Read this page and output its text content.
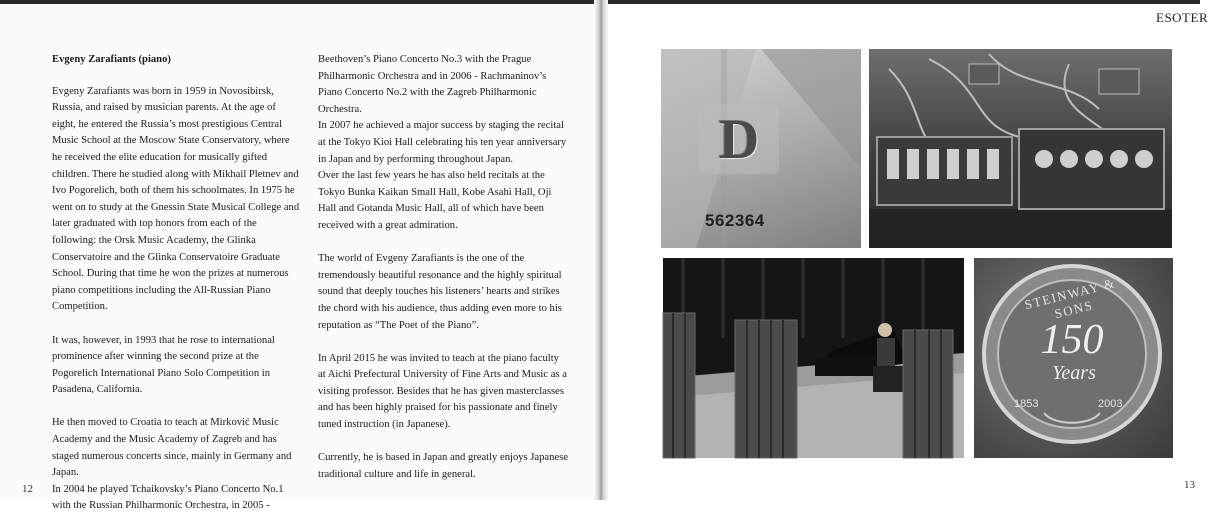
Evgeny Zarafiants (piano)

Evgeny Zarafiants was born in 1959 in Novosibirsk, Russia, and raised by musician parents. At the age of eight, he entered the Russia’s most prestigious Central Music School at the Moscow State Conservatory, where he received the elite education for musically gifted children. There he studied along with Mikhail Pletnev and Ivo Pogorelich, both of them his schoolmates. In 1975 he went on to study at the Gnessin State Musical College and later graduated with top honors from each of the following: the Orsk Music Academy, the Glinka Conservatoire and the Glinka Conservatoire Graduate School. During that time he won the prizes at numerous piano competitions including the All-Russian Piano Competition.

It was, however, in 1993 that he rose to international prominence after winning the second prize at the Pogorelich International Piano Solo Competition in Pasadena, California.

He then moved to Croatia to teach at Mirković Music Academy and the Music Academy of Zagreb and has staged numerous concerts since, mainly in Germany and Japan.

In 2004 he played Tchaikovsky’s Piano Concerto No.1 with the Russian Philharmonic Orchestra, in 2005 -

Beethoven’s Piano Concerto No.3 with the Prague Philharmonic Orchestra and in 2006 - Rachmaninov’s Piano Concerto No.2 with the Zagreb Philharmonic Orchestra.

In 2007 he achieved a major success by staging the recital at the Tokyo Kioi Hall celebrating his ten year anniversary in Japan and by performing throughout Japan.

Over the last few years he has also held recitals at the Tokyo Bunka Kaikan Small Hall, Kobe Asahi Hall, Oji Hall and Gotanda Music Hall, all of which have been received with a great admiration.

The world of Evgeny Zarafiants is the one of the tremendously beautiful resonance and the highly spiritual sound that deeply touches his listeners’ hearts and strikes the chord with his audience, thus adding even more to his reputation as “The Poet of the Piano”.

In April 2015 he was invited to teach at the piano faculty at Aichi Prefectural University of Fine Arts and Music as a visiting professor. Besides that he has given masterclasses and has been highly praised for his passionate and finely tuned instruction (in Japanese).

Currently, he is based in Japan and greatly enjoys Japanese traditional culture and life in general.

12
ESOTER
13
D
562364
STEINWAY & SONS
150
Years
1853	2003
